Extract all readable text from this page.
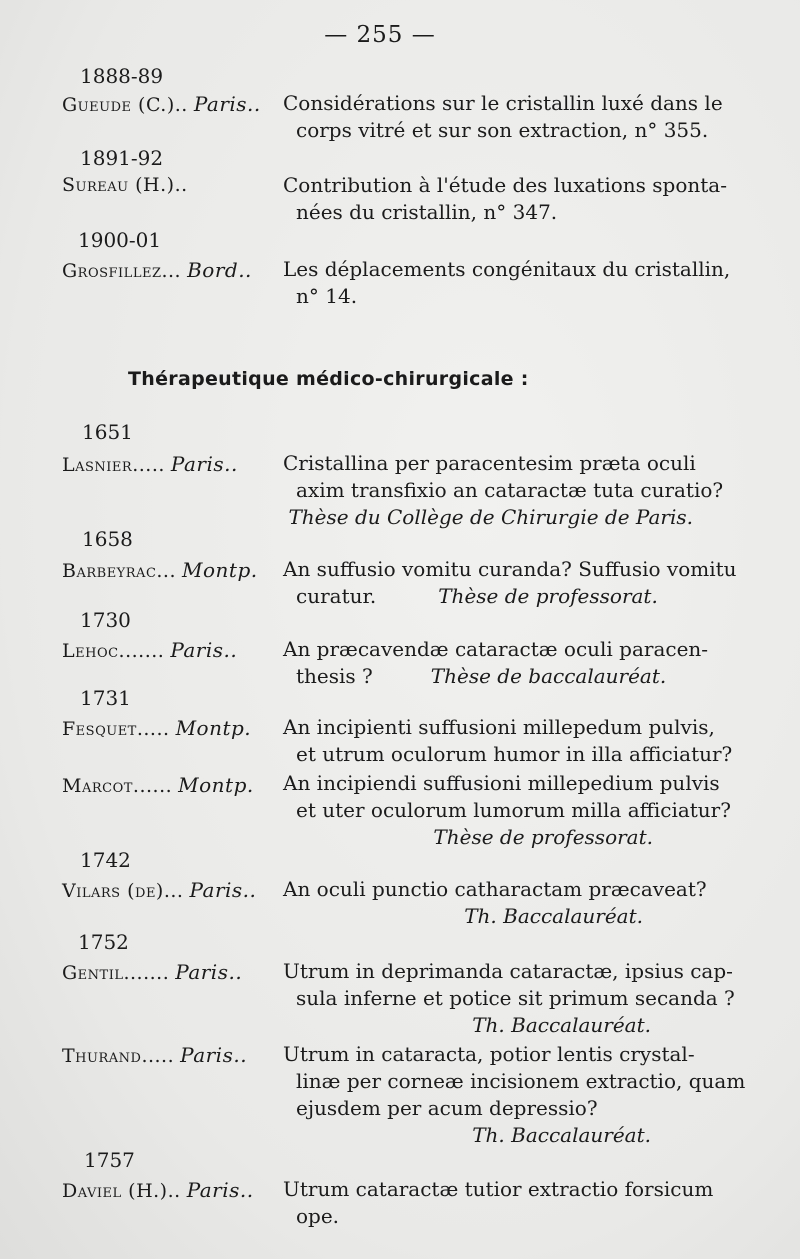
— 255 —
1888-89
Gueude (C.).. Paris.. Considérations sur le cristallin luxé dans le
corps vitré et sur son extraction, n° 355.
1891-92
Sureau (H.)..	Contribution à l'étude des luxations sponta-
nées du cristallin, n° 347.
1900-01
Grosfillez... Bord.. Les déplacements congénitaux du cristallin,
n° 14.
Thérapeutique médico-chirurgicale :
1651
Lasnier..... Paris.. Cristallina per paracentesim præta oculi
axim transfixio an cataractæ tuta curatio?
Thèse du Collège de Chirurgie de Paris.
1658
Barbeyrac... Montp. An suffusio vomitu curanda? Suffusio vomitu
curatur.	Thèse de professorat.
1730
Lehoc....... Paris.. An præcavendæ cataractæ oculi paracen-
thesis ?	Thèse de baccalauréat.
1731
Fesquet..... Montp. An incipienti suffusioni millepedum pulvis,
et utrum oculorum humor in illa afficiatur?
Marcot...... Montp. An incipiendi suffusioni millepedium pulvis
et uter oculorum lumorum milla afficiatur?
Thèse de professorat.
1742
Vilars (de)... Paris.. An oculi punctio catharactam præcaveat?
Th. Baccalauréat.
1752
Gentil....... Paris.. Utrum in deprimanda cataractæ, ipsius cap-
sula inferne et potice sit primum secanda ?
Th. Baccalauréat.
Thurand..... Paris.. Utrum in cataracta, potior lentis crystal-
linæ per corneæ incisionem extractio, quam
ejusdem per acum depressio?
Th. Baccalauréat.
1757
Daviel (H.).. Paris.. Utrum cataractæ tutior extractio forsicum
ope.
